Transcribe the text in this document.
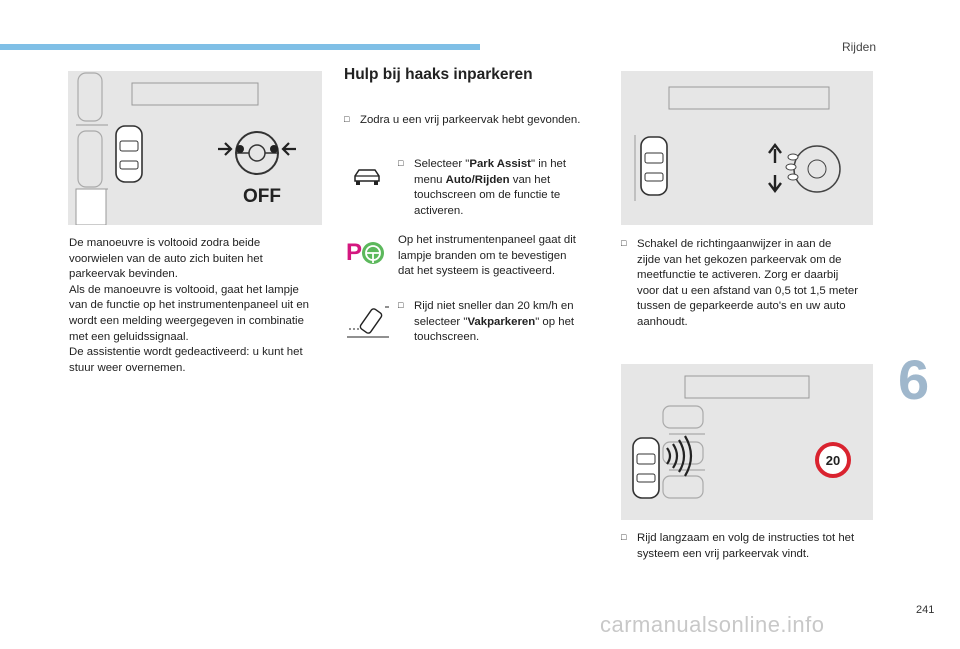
Rijden
6
OFF
De manoeuvre is voltooid zodra beide
voorwielen van de auto zich buiten het
parkeervak bevinden.
Als de manoeuvre is voltooid, gaat het lampje
van de functie op het instrumentenpaneel uit en
wordt een melding weergegeven in combinatie
met een geluidssignaal.
De assistentie wordt gedeactiveerd: u kunt het
stuur weer overnemen.
Hulp bij haaks inparkeren
□ Zodra u een vrij parkeervak hebt gevonden.
□ Selecteer "Park Assist" in het
menu Auto/Rijden van het
touchscreen om de functie te
activeren.
P	Op het instrumentenpaneel gaat dit
lampje branden om te bevestigen
dat het systeem is geactiveerd.
□ Rijd niet sneller dan 20 km/h en
selecteer "Vakparkeren" op het
touchscreen.
□ Schakel de richtingaanwijzer in aan de
zijde van het gekozen parkeervak om de
meetfunctie te activeren. Zorg er daarbij
voor dat u een afstand van 0,5 tot 1,5 meter
tussen de geparkeerde auto's en uw auto
aanhoudt.
20
□ Rijd langzaam en volg de instructies tot het
systeem een vrij parkeervak vindt.
241
carmanualsonline.info
